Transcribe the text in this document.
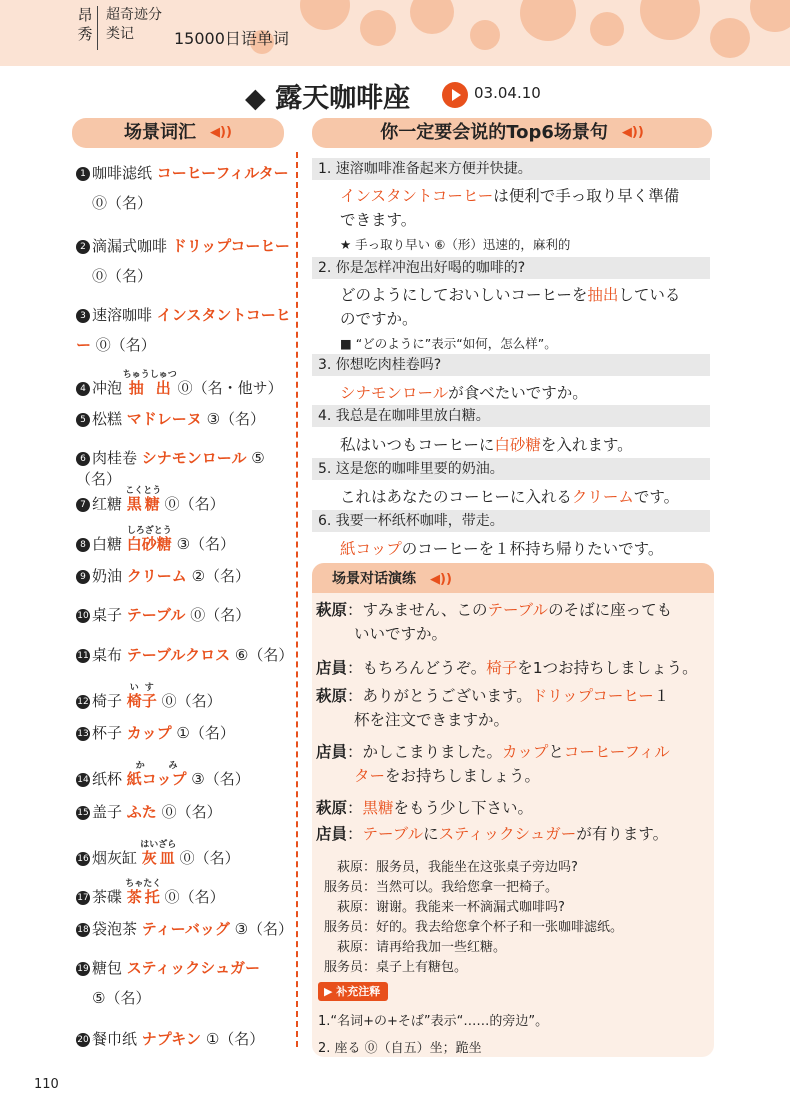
昂秀
超奇迹分类记	15000日语单词
◆ 露天咖啡座	03.04.10
场景词汇 ◀))
1 咖啡滤纸 コーヒーフィルター
⓪（名）
2 滴漏式咖啡 ドリップコーヒー
⓪（名）
3 速溶咖啡 インスタントコーヒー ⓪（名）
4 冲泡 抽出ちゅうしゅつ ⓪（名・他サ）
5 松糕 マドレーヌ ③（名）
6 肉桂卷 シナモンロール ⑤（名）
7 红糖 黒糖こくとう ⓪（名）
8 白糖 白砂糖しろざとう ③（名）
9 奶油 クリーム ②（名）
10 桌子 テーブル ⓪（名）
11 桌布 テーブルクロス ⑥（名）
12 椅子 椅子いす ⓪（名）
13 杯子 カップ ①（名）
14 纸杯 紙コップかみ ③（名）
15 盖子 ふた ⓪（名）
16 烟灰缸 灰皿はいざら ⓪（名）
17 茶碟 茶托ちゃたく ⓪（名）
18 袋泡茶 ティーバッグ ③（名）
19 糖包 スティックシュガー
⑤（名）
20 餐巾纸 ナプキン ①（名）
你一定要会说的Top6场景句 ◀))
1. 速溶咖啡准备起来方便并快捷。
インスタントコーヒーは便利で手っ取り早く準備
できます。
★ 手っ取り早い ⑥（形）迅速的，麻利的
2. 你是怎样冲泡出好喝的咖啡的?
どのようにしておいしいコーヒーを抽出している
のですか。
■ “どのように”表示“如何，怎么样”。
3. 你想吃肉桂卷吗?
シナモンロールが食べたいですか。
4. 我总是在咖啡里放白糖。
私はいつもコーヒーに白砂糖を入れます。
5. 这是您的咖啡里要的奶油。
これはあなたのコーヒーに入れるクリームです。
6. 我要一杯纸杯咖啡，带走。
紙コップのコーヒーを１杯持ち帰りたいです。
场景对话演练 ◀))
萩原：すみません、このテーブルのそばに座っても
いいですか。
店員：もちろんどうぞ。椅子を1つお持ちしましょう。
萩原：ありがとうございます。ドリップコーヒー１
杯を注文できますか。
店員：かしこまりました。カップとコーヒーフィル
ターをお持ちしましょう。
萩原：黒糖をもう少し下さい。
店員：テーブルにスティックシュガーが有ります。
萩原：服务员，我能坐在这张桌子旁边吗?
服务员：当然可以。我给您拿一把椅子。
萩原：谢谢。我能来一杯滴漏式咖啡吗?
服务员：好的。我去给您拿个杯子和一张咖啡滤纸。
萩原：请再给我加一些红糖。
服务员：桌子上有糖包。
▶ 补充注释
1.“名词+の+そば”表示“……的旁边”。
2. 座る ⓪（自五）坐；跪坐
110
